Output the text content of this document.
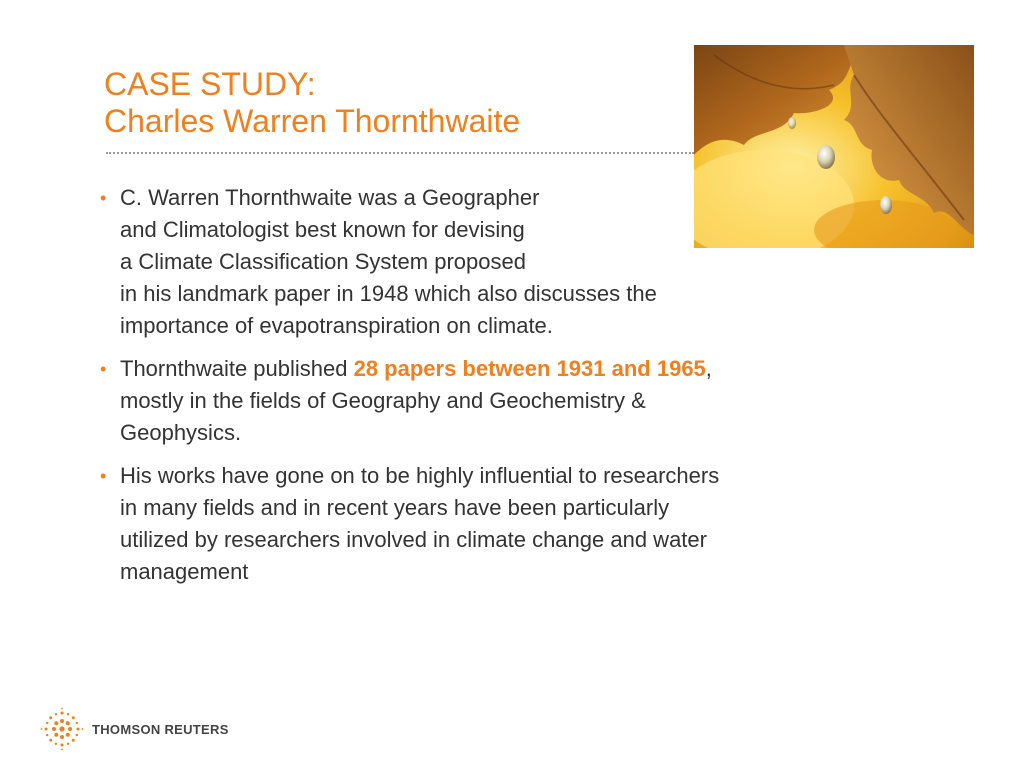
CASE STUDY:
Charles Warren Thornthwaite
• C. Warren Thornthwaite was a Geographer
and Climatologist best known for devising
a Climate Classification System proposed
in his landmark paper in 1948 which also discusses the
importance of evapotranspiration on climate.
• Thornthwaite published 28 papers between 1931 and 1965,
mostly in the fields of Geography and Geochemistry &
Geophysics.
• His works have gone on to be highly influential to researchers
in many fields and in recent years have been particularly
utilized by researchers involved in climate change and water
management
THOMSON REUTERS
